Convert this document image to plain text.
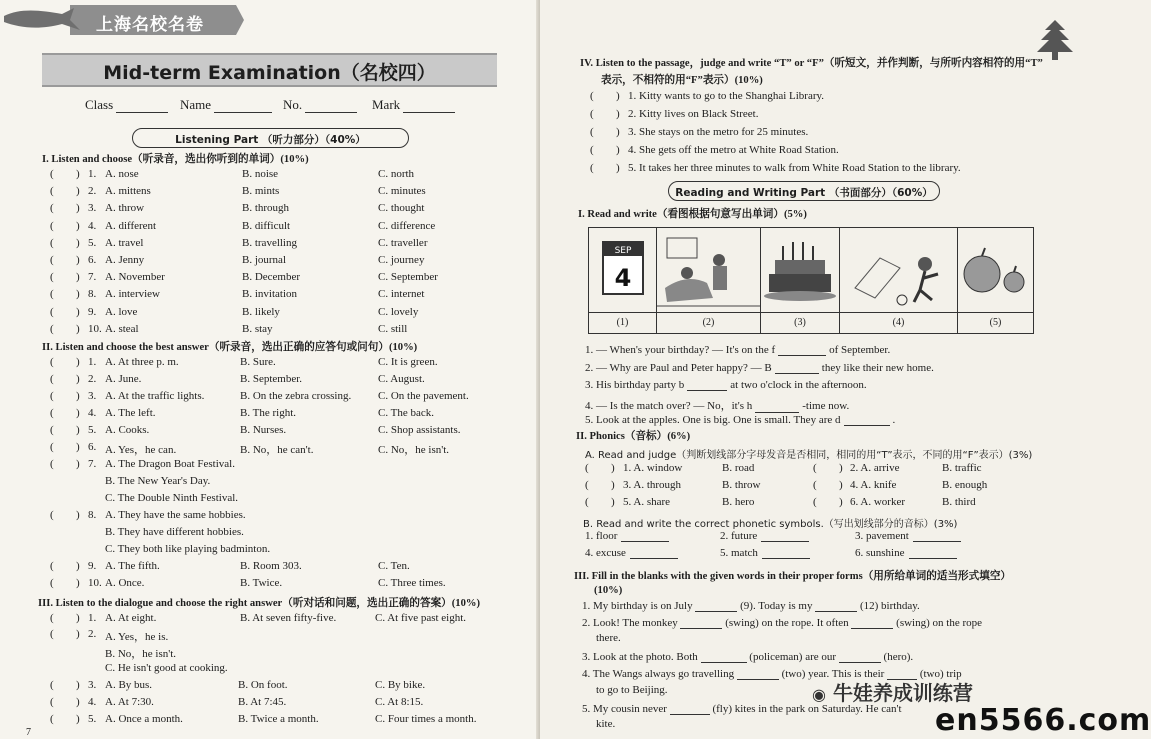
上海名校名卷
Mid-term Examination（名校四）
Class	Name	No.	Mark
Listening Part （听力部分）（40%）
I. Listen and choose（听录音，选出你听到的单词）(10%)
( ) 1. A. nose	B. noise	C. north
( ) 2. A. mittens	B. mints	C. minutes
( ) 3. A. throw	B. through	C. thought
( ) 4. A. different	B. difficult	C. difference
( ) 5. A. travel	B. travelling	C. traveller
( ) 6. A. Jenny	B. journal	C. journey
( ) 7. A. November	B. December	C. September
( ) 8. A. interview	B. invitation	C. internet
( ) 9. A. love	B. likely	C. lovely
( ) 10. A. steal	B. stay	C. still
II. Listen and choose the best answer（听录音，选出正确的应答句或问句）(10%)
( ) 1. A. At three p. m.	B. Sure.	C. It is green.
( ) 2. A. June.	B. September.	C. August.
( ) 3. A. At the traffic lights.	B. On the zebra crossing. C. On the pavement.
( ) 4. A. The left.	B. The right.	C. The back.
( ) 5. A. Cooks.	B. Nurses.	C. Shop assistants.
( ) 6. A. Yes，he can.	B. No，he can't.	C. No，he isn't.
( ) 7. A. The Dragon Boat Festival.
B. The New Year's Day.
C. The Double Ninth Festival.
( ) 8. A. They have the same hobbies.
B. They have different hobbies.
C. They both like playing badminton.
( ) 9. A. The fifth.	B. Room 303.	C. Ten.
( ) 10. A. Once.	B. Twice.	C. Three times.
III. Listen to the dialogue and choose the right answer（听对话和问题，选出正确的答案）(10%)
( ) 1. A. At eight.	B. At seven fifty-five.	C. At five past eight.
( ) 2. A. Yes，he is.
B. No，he isn't.
C. He isn't good at cooking.
( ) 3. A. By bus.	B. On foot.	C. By bike.
( ) 4. A. At 7:30.	B. At 7:45.	C. At 8:15.
( ) 5. A. Once a month.	B. Twice a month.	C. Four times a month.
7
IV. Listen to the passage，judge and write “T” or “F”（听短文，并作判断，与所听内容相符的用“T”
表示，不相符的用“F”表示）(10%)
( ) 1. Kitty wants to go to the Shanghai Library.
( ) 2. Kitty lives on Black Street.
( ) 3. She stays on the metro for 25 minutes.
( ) 4. She gets off the metro at White Road Station.
( ) 5. It takes her three minutes to walk from White Road Station to the library.
Reading and Writing Part （书面部分）（60%）
I. Read and write（看图根据句意写出单词）(5%)
SEP
4
(1)	(2)	(3)	(4)	(5)
1. — When's your birthday? — It's on the f	of September.
2. — Why are Paul and Peter happy? — B	they like their new home.
3. His birthday party b	at two o'clock in the afternoon.
4. — Is the match over? — No，it's h	-time now.
5. Look at the apples. One is big. One is small. They are d	.
II. Phonics（音标）(6%)
A. Read and judge（判断划线部分字母发音是否相同，相同的用“T”表示，不同的用“F”表示）(3%)
( ) 1. A. window	B. road	( ) 2. A. arrive	B. traffic
( ) 3. A. through	B. throw	( ) 4. A. knife	B. enough
( ) 5. A. share	B. hero	( ) 6. A. worker	B. third
B. Read and write the correct phonetic symbols.（写出划线部分的音标）(3%)
1. floor	2. future	3. pavement
4. excuse	5. match	6. sunshine
III. Fill in the blanks with the given words in their proper forms（用所给单词的适当形式填空）
(10%)
1. My birthday is on July	(9). Today is my	(12) birthday.
2. Look! The monkey	(swing) on the rope. It often	(swing) on the rope
there.
3. Look at the photo. Both	(policeman) are our	(hero).
4. The Wangs always go travelling	(two) year. This is their	(two) trip
to go to Beijing.
5. My cousin never	(fly) kites in the park on Saturday. He can't
kite.
◉ 牛娃养成训练营
en5566.com
